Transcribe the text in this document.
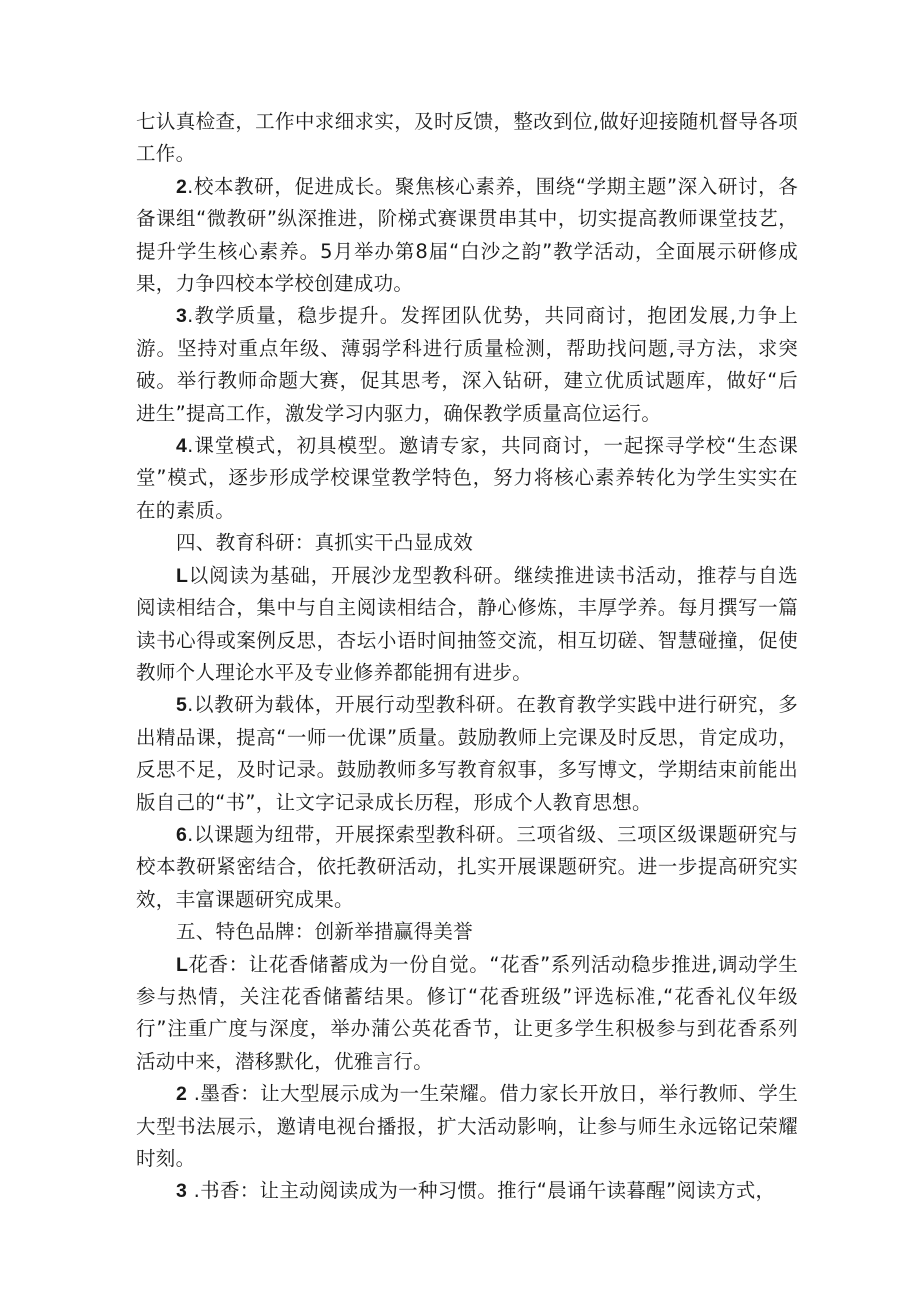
七认真检查，工作中求细求实，及时反馈，整改到位,做好迎接随机督导各项工作。

2.校本教研，促进成长。聚焦核心素养，围绕“学期主题”深入研讨，各备课组“微教研”纵深推进，阶梯式赛课贯串其中，切实提高教师课堂技艺，提升学生核心素养。5月举办第8届“白沙之韵”教学活动，全面展示研修成果，力争四校本学校创建成功。

3.教学质量，稳步提升。发挥团队优势，共同商讨，抱团发展,力争上游。坚持对重点年级、薄弱学科进行质量检测，帮助找问题,寻方法，求突破。举行教师命题大赛，促其思考，深入钻研，建立优质试题库，做好“后进生”提高工作，激发学习内驱力，确保教学质量高位运行。

4.课堂模式，初具模型。邀请专家，共同商讨，一起探寻学校“生态课堂”模式，逐步形成学校课堂教学特色，努力将核心素养转化为学生实实在在的素质。

四、教育科研：真抓实干凸显成效

L以阅读为基础，开展沙龙型教科研。继续推进读书活动，推荐与自选阅读相结合，集中与自主阅读相结合，静心修炼，丰厚学养。每月撰写一篇读书心得或案例反思，杏坛小语时间抽签交流，相互切磋、智慧碰撞，促使教师个人理论水平及专业修养都能拥有进步。

5.以教研为载体，开展行动型教科研。在教育教学实践中进行研究，多出精品课，提高“一师一优课”质量。鼓励教师上完课及时反思，肯定成功，反思不足，及时记录。鼓励教师多写教育叙事，多写博文，学期结束前能出版自己的“书”，让文字记录成长历程，形成个人教育思想。

6.以课题为纽带，开展探索型教科研。三项省级、三项区级课题研究与校本教研紧密结合，依托教研活动，扎实开展课题研究。进一步提高研究实效，丰富课题研究成果。

五、特色品牌：创新举措赢得美誉

L花香：让花香储蓄成为一份自觉。“花香”系列活动稳步推进,调动学生参与热情，关注花香储蓄结果。修订“花香班级”评选标准,“花香礼仪年级行”注重广度与深度，举办蒲公英花香节，让更多学生积极参与到花香系列活动中来，潜移默化，优雅言行。

2 .墨香：让大型展示成为一生荣耀。借力家长开放日，举行教师、学生大型书法展示，邀请电视台播报，扩大活动影响，让参与师生永远铭记荣耀时刻。

3 .书香：让主动阅读成为一种习惯。推行“晨诵午读暮醒”阅读方式，
